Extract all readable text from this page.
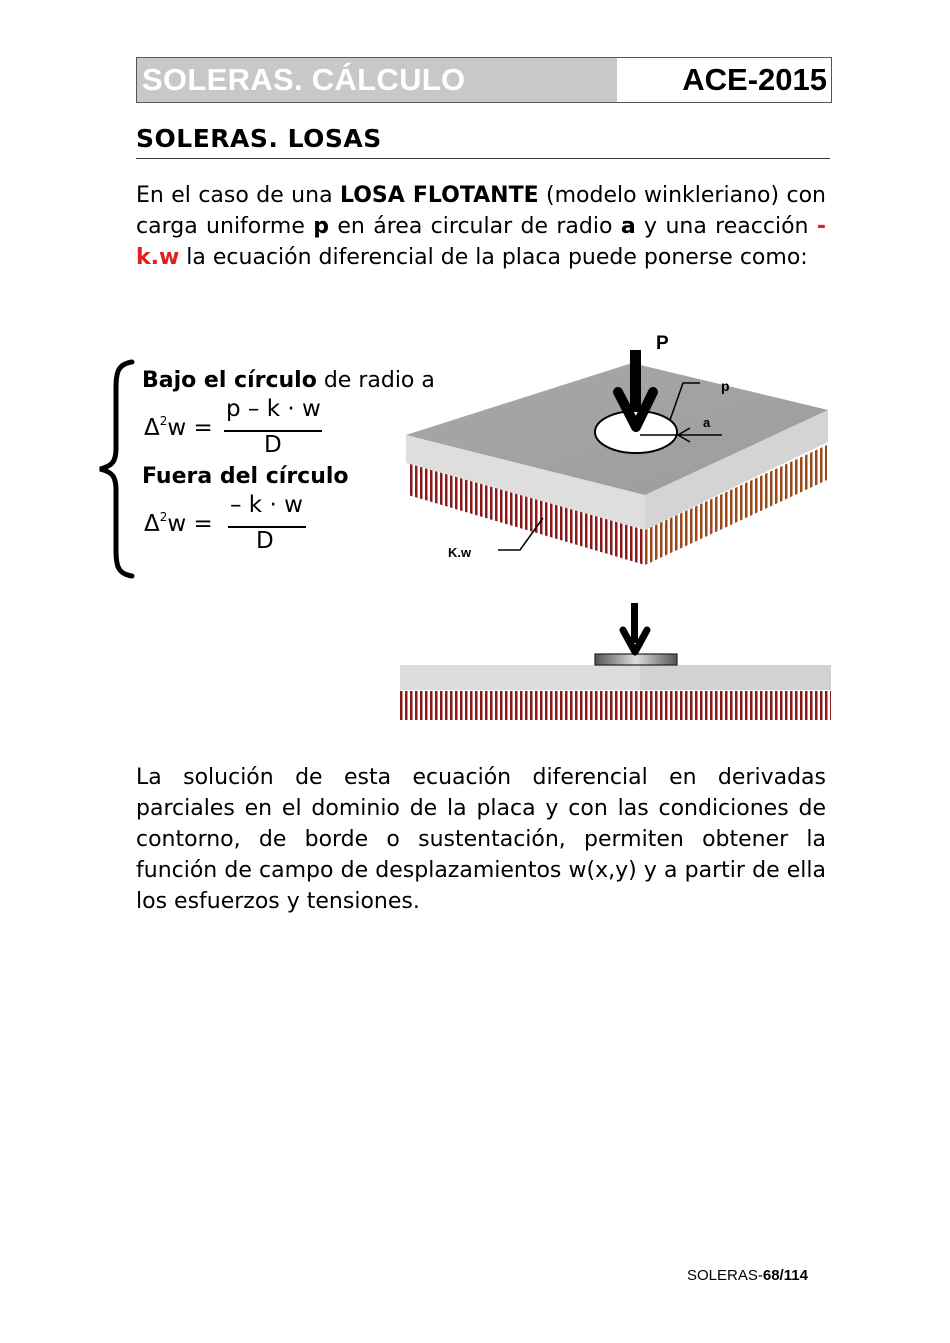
SOLERAS. CÁLCULO	ACE-2015
SOLERAS. LOSAS
En el caso de una LOSA FLOTANTE (modelo winkleriano) con carga uniforme p en área circular de radio a y una reacción -k.w la ecuación diferencial de la placa puede ponerse como:
Bajo el círculo de radio a
$\Delta^2w$ =
p – k · w
D
Fuera del círculo
$\Delta^2w$ =
– k · w
D
P
p
a
K.w
La solución de esta ecuación diferencial en derivadas parciales en el dominio de la placa y con las condiciones de contorno, de borde o sustentación, permiten obtener la función de campo de desplazamientos w(x,y) y a partir de ella los esfuerzos y tensiones.
SOLERAS-68/114
